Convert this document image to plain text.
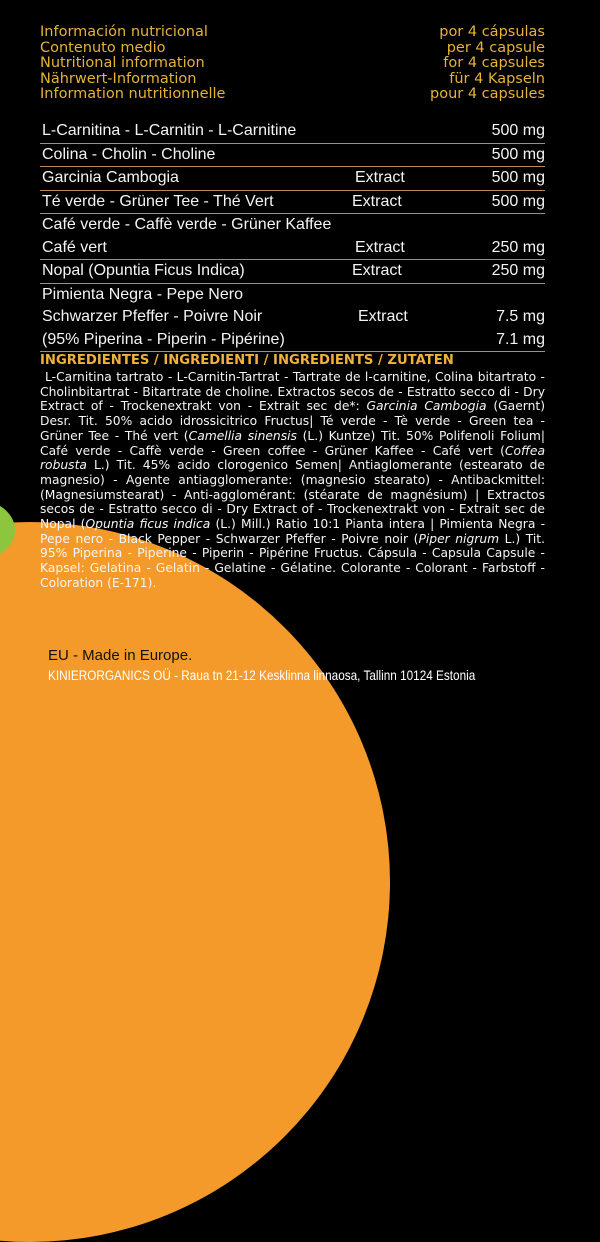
Información nutricional	por 4 cápsulas
Contenuto medio	per 4 capsule
Nutritional information	for 4 capsules
Nährwert-Information	für 4 Kapseln
Information nutritionnelle	pour 4 capsules
L-Carnitina - L-Carnitin - L-Carnitine	500 mg
Colina - Cholin - Choline	500 mg
Garcinia Cambogia	Extract	500 mg
Té verde - Grüner Tee - Thé Vert	Extract	500 mg
Café verde - Caffè verde - Grüner Kaffee
Café vert	Extract	250 mg
Nopal (Opuntia Ficus Indica)	Extract	250 mg
Pimienta Negra - Pepe Nero
Schwarzer Pfeffer - Poivre Noir	Extract	7.5 mg
(95% Piperina - Piperin - Pipérine)	7.1 mg
INGREDIENTES / INGREDIENTI / INGREDIENTS / ZUTATEN
L-Carnitina tartrato - L-Carnitin-Tartrat - Tartrate de l-carnitine, Colina bitartrato - Cholinbitartrat - Bitartrate de choline. Extractos secos de - Estratto secco di - Dry Extract of - Trockenextrakt von - Extrait sec de*: Garcinia Cambogia (Gaernt) Desr. Tit. 50% acido idrossicitrico Fructus| Té verde - Tè verde - Green tea - Grüner Tee - Thé vert (Camellia sinensis (L.) Kuntze) Tit. 50% Polifenoli Folium| Café verde - Caffè verde - Green coffee - Grüner Kaffee - Café vert (Coffea robusta L.) Tit. 45% acido clorogenico Semen| Antiaglomerante (estearato de magnesio) - Agente antiagglomerante: (magnesio stearato) - Antibackmittel: (Magnesiumstearat) - Anti-agglomérant: (stéarate de magnésium) | Extractos secos de - Estratto secco di - Dry Extract of - Trockenextrakt von - Extrait sec de Nopal (Opuntia ficus indica (L.) Mill.) Ratio 10:1 Pianta intera | Pimienta Negra - Pepe nero - Black Pepper - Schwarzer Pfeffer - Poivre noir (Piper nigrum L.) Tit. 95% Piperina - Piperine - Piperin - Pipérine Fructus. Cápsula - Capsula Capsule - Kapsel: Gelatina - Gelatin - Gelatine - Gélatine. Colorante - Colorant - Farbstoff - Coloration (E-171).
EU - Made in Europe.
KINIERORGANICS OÜ - Raua tn 21-12 Kesklinna linnaosa, Tallinn 10124 Estonia
